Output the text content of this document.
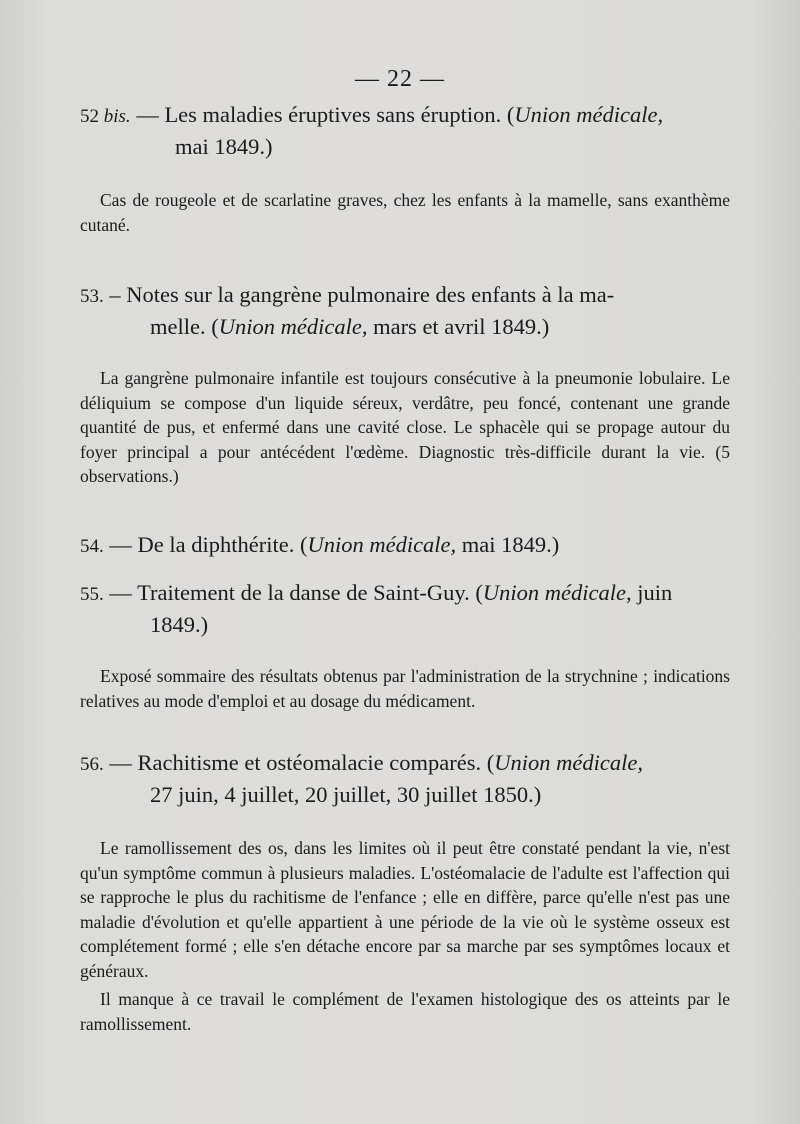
— 22 —

52 bis. — Les maladies éruptives sans éruption. (Union médicale,
mai 1849.)

Cas de rougeole et de scarlatine graves, chez les enfants à la mamelle, sans exanthème cutané.

53. – Notes sur la gangrène pulmonaire des enfants à la ma-
melle. (Union médicale, mars et avril 1849.)

La gangrène pulmonaire infantile est toujours consécutive à la pneumonie lobulaire. Le déliquium se compose d'un liquide séreux, verdâtre, peu foncé, contenant une grande quantité de pus, et enfermé dans une cavité close. Le sphacèle qui se propage autour du foyer principal a pour antécédent l'œdème. Diagnostic très-difficile durant la vie. (5 observations.)

54. — De la diphthérite. (Union médicale, mai 1849.)

55. — Traitement de la danse de Saint-Guy. (Union médicale, juin
1849.)

Exposé sommaire des résultats obtenus par l'administration de la strychnine ; indications relatives au mode d'emploi et au dosage du médicament.

56. — Rachitisme et ostéomalacie comparés. (Union médicale,
27 juin, 4 juillet, 20 juillet, 30 juillet 1850.)

Le ramollissement des os, dans les limites où il peut être constaté pendant la vie, n'est qu'un symptôme commun à plusieurs maladies. L'ostéomalacie de l'adulte est l'affection qui se rapproche le plus du rachitisme de l'enfance ; elle en diffère, parce qu'elle n'est pas une maladie d'évolution et qu'elle appartient à une période de la vie où le système osseux est complétement formé ; elle s'en détache encore par sa marche par ses symptômes locaux et généraux.

Il manque à ce travail le complément de l'examen histologique des os atteints par le ramollissement.
